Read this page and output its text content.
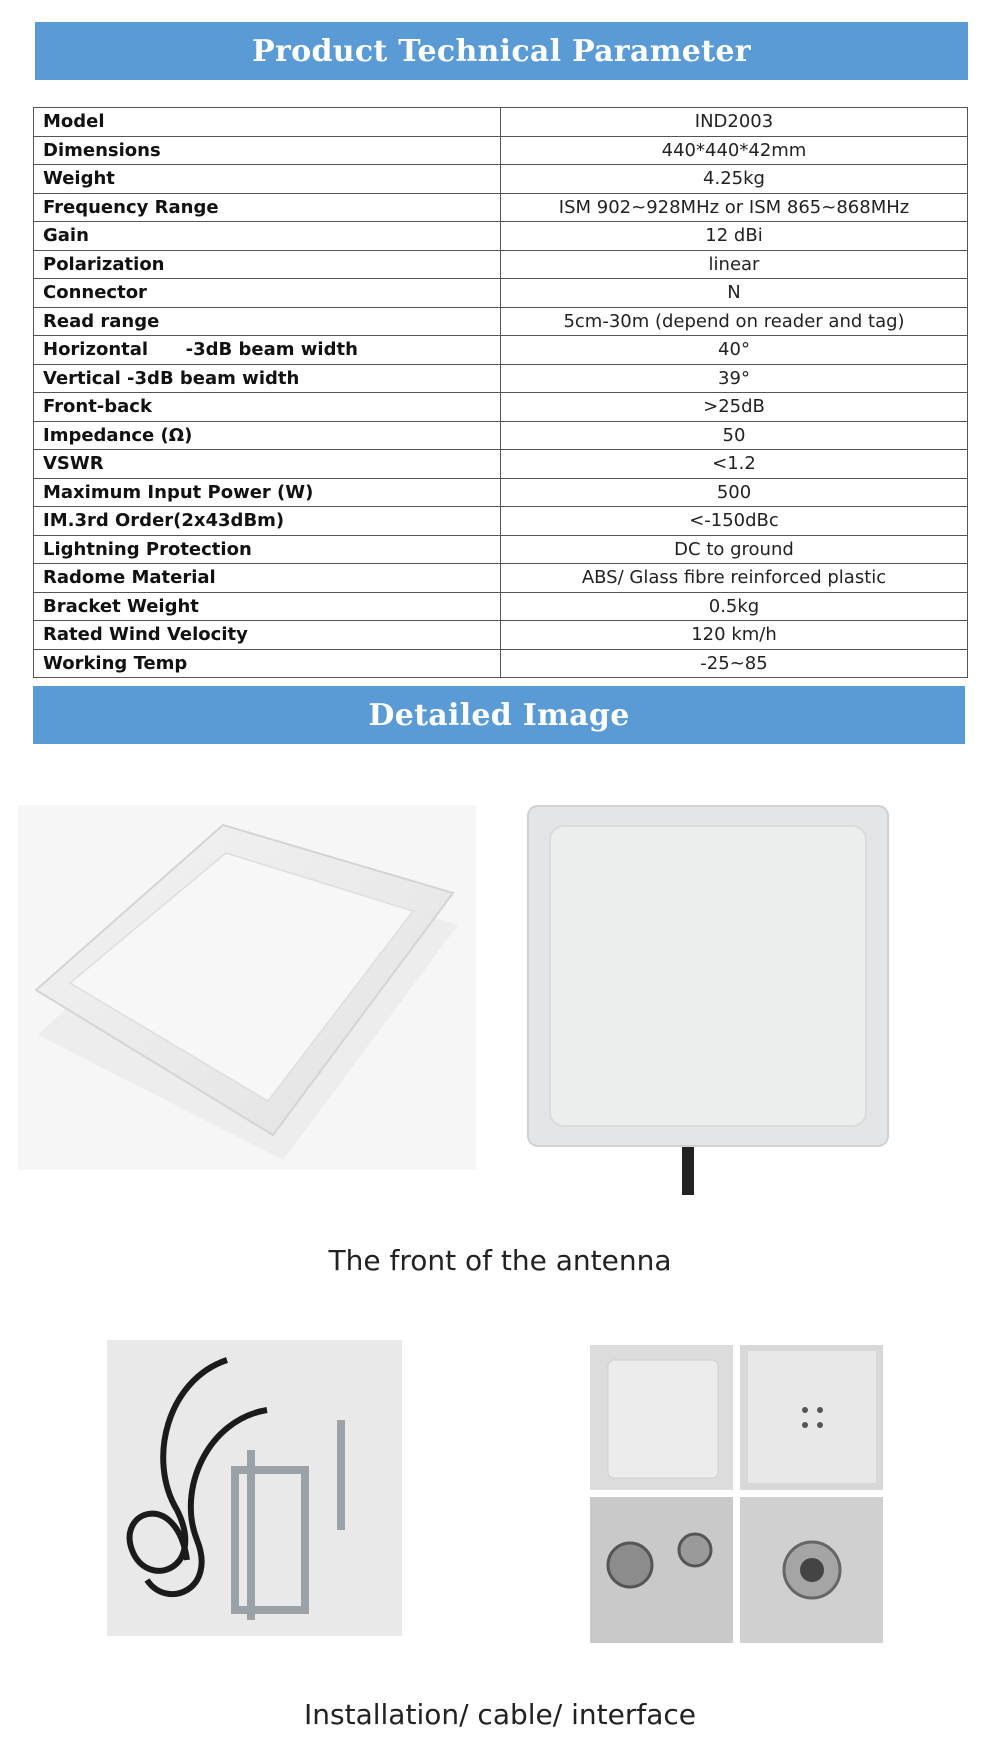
Product Technical Parameter
Model	IND2003
Dimensions	440*440*42mm
Weight	4.25kg
Frequency Range	ISM 902~928MHz or ISM 865~868MHz
Gain	12 dBi
Polarization	linear
Connector	N
Read range	5cm-30m (depend on reader and tag)
Horizontal      -3dB beam width	40°
Vertical -3dB beam width	39°
Front-back	>25dB
Impedance (Ω)	50
VSWR	<1.2
Maximum Input Power (W)	500
IM.3rd Order(2x43dBm)	<-150dBc
Lightning Protection	DC to ground
Radome Material	ABS/ Glass fibre reinforced plastic
Bracket Weight	0.5kg
Rated Wind Velocity	120 km/h
Working Temp	-25~85
Detailed Image
The front of the antenna
Installation/ cable/ interface
